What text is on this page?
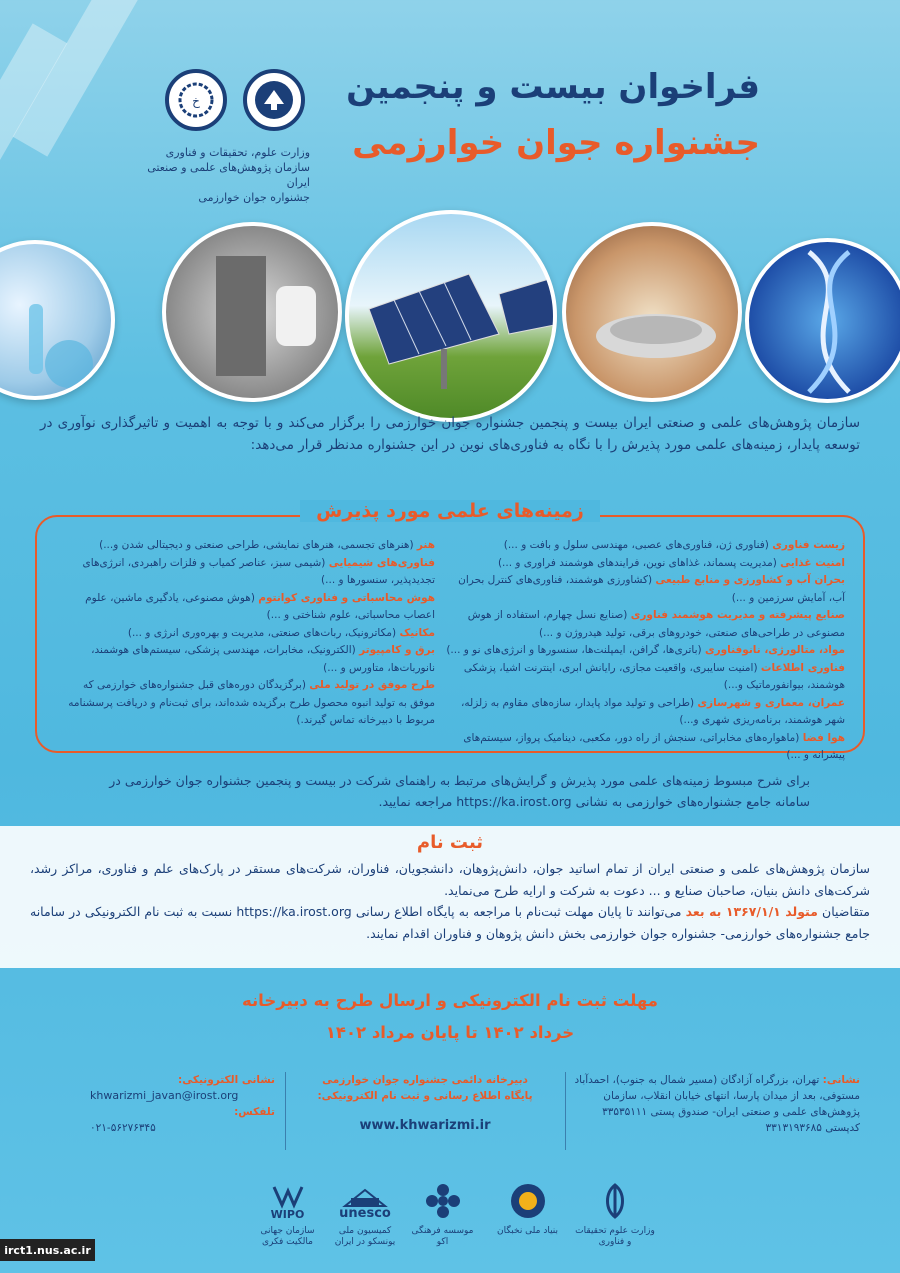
فراخوان بیست و پنجمین
جشنواره جوان خوارزمی
خ
وزارت علوم، تحقیقات و فناوری
سازمان پژوهش‌های علمی و صنعتی ایران
جشنواره جوان خوارزمی
سازمان پژوهش‌های علمی و صنعتی ایران بیست و پنجمین جشنواره جوان خوارزمی را برگزار می‌کند و با توجه به اهمیت و تاثیرگذاری نوآوری در توسعه پایدار، زمینه‌های علمی مورد پذیرش را با نگاه به فناوری‌های نوین در این جشنواره مدنظر قرار می‌دهد:
زمینه‌های علمی مورد پذیرش
زیست فناوری (فناوری ژن، فناوری‌های عصبی، مهندسی سلول و بافت و ...)
امنیت غذایی (مدیریت پسماند، غذاهای نوین، فرایندهای هوشمند فراوری و ...)
بحران آب و کشاورزی و منابع طبیعی (کشاورزی هوشمند، فناوری‌های کنترل بحران آب، آمایش سرزمین و ...)
صنایع پیشرفته و مدیریت هوشمند فناوری (صنایع نسل چهارم، استفاده از هوش مصنوعی در طراحی‌های صنعتی، خودروهای برقی، تولید هیدروژن و ...)
مواد، متالورژی، نانوفناوری (باتری‌ها، گرافن، ایمپلنت‌ها، سنسورها و انرژی‌های نو و ...)
فناوری اطلاعات (امنیت سایبری، واقعیت مجازی، رایانش ابری، اینترنت اشیا، پزشکی هوشمند، بیوانفورماتیک و...)
عمران، معماری و شهرسازی (طراحی و تولید مواد پایدار، سازه‌های مقاوم به زلزله، شهر هوشمند، برنامه‌ریزی شهری و...)
هوا فضا (ماهواره‌های مخابراتی، سنجش از راه دور، مکعبی، دینامیک پرواز، سیستم‌های پیشرانه و ...)
هنر (هنرهای تجسمی، هنرهای نمایشی، طراحی صنعتی و دیجیتالی شدن و...)
فناوری‌های شیمیایی (شیمی سبز، عناصر کمیاب و فلزات راهبردی، انرژی‌های تجدیدپذیر، سنسورها و ...)
هوش محاسباتی و فناوری کوانتوم (هوش مصنوعی، یادگیری ماشین، علوم اعصاب محاسباتی، علوم شناختی و ...)
مکانیک (مکاترونیک، ربات‌های صنعتی، مدیریت و بهره‌وری انرژی و ...)
برق و کامپیوتر (الکترونیک، مخابرات، مهندسی پزشکی، سیستم‌های هوشمند، نانوربات‌ها، متاورس و ...)
طرح موفق در تولید ملی (برگزیدگان دوره‌های قبل جشنواره‌های خوارزمی که موفق به تولید انبوه محصول طرح برگزیده شده‌اند، برای ثبت‌نام و دریافت پرسشنامه مربوط با دبیرخانه تماس گیرند.)
برای شرح مبسوط زمینه‌های علمی مورد پذیرش و گرایش‌های مرتبط به راهنمای شرکت در بیست و پنجمین جشنواره جوان خوارزمی در سامانه جامع جشنواره‌های خوارزمی به نشانی https://ka.irost.org مراجعه نمایید.
ثبت نام
سازمان پژوهش‌های علمی و صنعتی ایران از تمام اساتید جوان، دانش‌پژوهان، دانشجویان، فناوران، شرکت‌های مستقر در پارک‌های علم و فناوری، مراکز رشد، شرکت‌های دانش بنیان، صاحبان صنایع و ... دعوت به شرکت و ارایه طرح می‌نماید.
متقاضیان متولد ۱۳۶۷/۱/۱ به بعد می‌توانند تا پایان مهلت ثبت‌نام با مراجعه به پایگاه اطلاع رسانی https://ka.irost.org نسبت به ثبت نام الکترونیکی در سامانه جامع جشنواره‌های خوارزمی- جشنواره جوان خوارزمی بخش دانش پژوهان و فناوران اقدام نمایند.
مهلت ثبت نام الکترونیکی و ارسال طرح به دبیرخانه
خرداد ۱۴۰۲ تا پایان مرداد ۱۴۰۲
نشانی: تهران، بزرگراه آزادگان (مسیر شمال به جنوب)، احمدآباد مستوفی، بعد از میدان پارسا، انتهای خیابان انقلاب، سازمان پژوهش‌های علمی و صنعتی ایران- صندوق پستی ۳۳۵۳۵۱۱۱ کدپستی ۳۳۱۳۱۹۳۶۸۵
دبیرخانه دائمی جشنواره جوان خوارزمی
پایگاه اطلاع رسانی و ثبت نام الکترونیکی:
www.khwarizmi.ir
نشانی الکترونیکی:
khwarizmi_javan@irost.org
تلفکس:
۰۲۱-۵۶۲۷۶۳۴۵
وزارت علوم تحقیقات و فناوری
بنیاد ملی نخبگان
موسسه فرهنگی اکو
unesco
کمیسیون ملی یونسکو در ایران
WIPO
سازمان جهانی مالکیت فکری
irct1.nus.ac.ir
